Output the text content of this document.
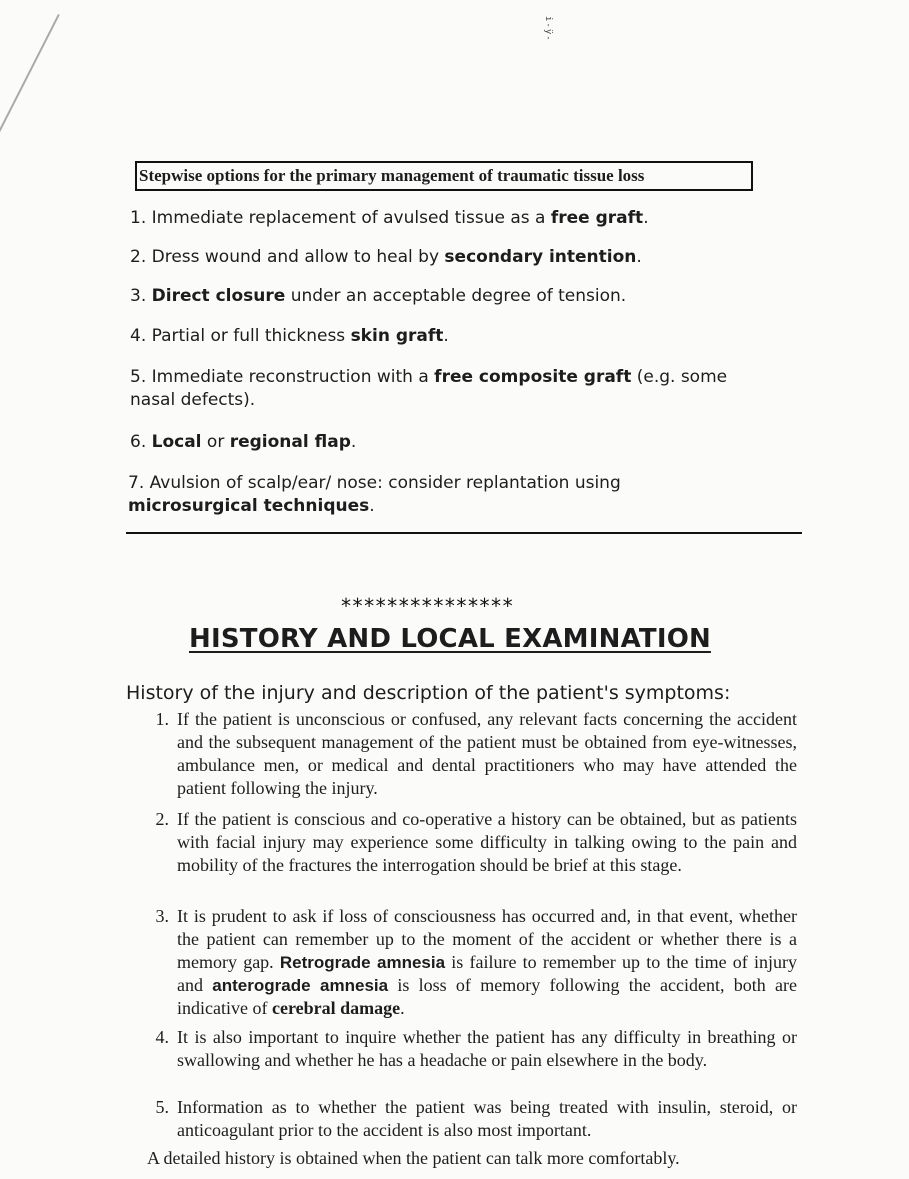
i-ÿ-
Stepwise options for the primary management of traumatic tissue loss
1. Immediate replacement of avulsed tissue as a free graft.
2. Dress wound and allow to heal by secondary intention.
3. Direct closure under an acceptable degree of tension.
4. Partial or full thickness skin graft.
5. Immediate reconstruction with a free composite graft (e.g. some nasal defects).
6. Local or regional flap.
7. Avulsion of scalp/ear/ nose: consider replantation using microsurgical techniques.
***************
HISTORY AND LOCAL EXAMINATION
History of the injury and description of the patient's symptoms:
1. If the patient is unconscious or confused, any relevant facts concerning the accident and the subsequent management of the patient must be obtained from eye-witnesses, ambulance men, or medical and dental practitioners who may have attended the patient following the injury.
2. If the patient is conscious and co-operative a history can be obtained, but as patients with facial injury may experience some difficulty in talking owing to the pain and mobility of the fractures the interrogation should be brief at this stage.
3. It is prudent to ask if loss of consciousness has occurred and, in that event, whether the patient can remember up to the moment of the accident or whether there is a memory gap. Retrograde amnesia is failure to remember up to the time of injury and anterograde amnesia is loss of memory following the accident, both are indicative of cerebral damage.
4. It is also important to inquire whether the patient has any difficulty in breathing or swallowing and whether he has a headache or pain elsewhere in the body.
5. Information as to whether the patient was being treated with insulin, steroid, or anticoagulant prior to the accident is also most important.
A detailed history is obtained when the patient can talk more comfortably.
